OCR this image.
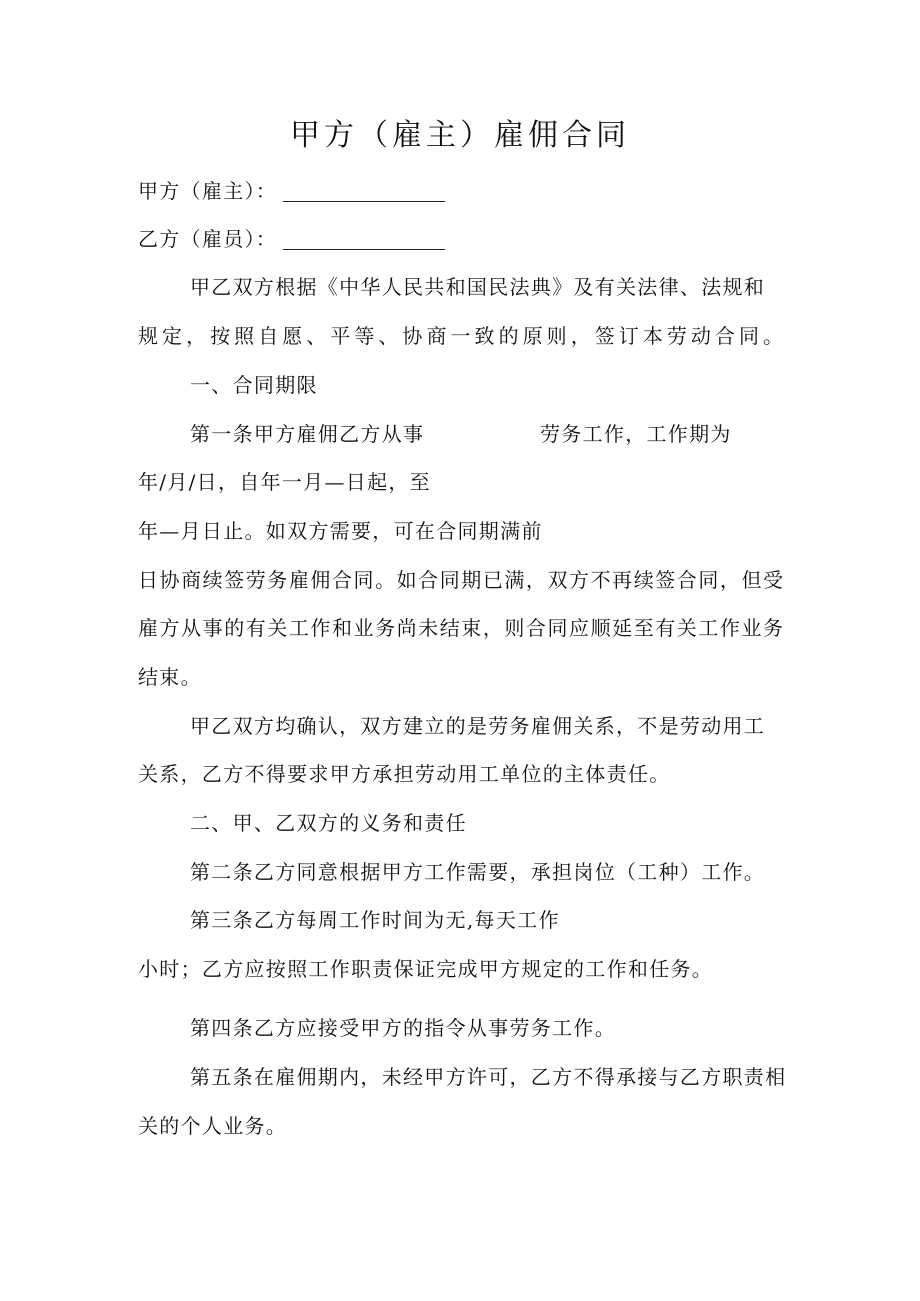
甲方（雇主）雇佣合同
甲方（雇主）：
乙方（雇员）：
甲乙双方根据《中华人民共和国民法典》及有关法律、法规和
规定，按照自愿、平等、协商一致的原则，签订本劳动合同。
一、合同期限
第一条甲方雇佣乙方从事	劳务工作，工作期为
年/月/日，自年一月—日起，至
年—月日止。如双方需要，可在合同期满前
日协商续签劳务雇佣合同。如合同期已满，双方不再续签合同，但受
雇方从事的有关工作和业务尚未结束，则合同应顺延至有关工作业务
结束。
甲乙双方均确认，双方建立的是劳务雇佣关系，不是劳动用工
关系，乙方不得要求甲方承担劳动用工单位的主体责任。
二、甲、乙双方的义务和责任
第二条乙方同意根据甲方工作需要，承担岗位（工种）工作。
第三条乙方每周工作时间为无,每天工作
小时；乙方应按照工作职责保证完成甲方规定的工作和任务。
第四条乙方应接受甲方的指令从事劳务工作。
第五条在雇佣期内，未经甲方许可，乙方不得承接与乙方职责相
关的个人业务。
